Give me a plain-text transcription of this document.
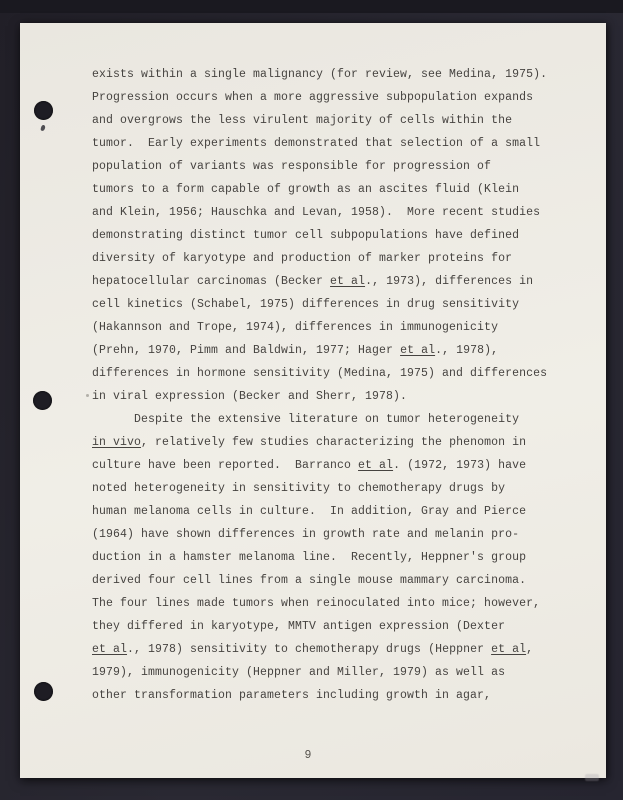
exists within a single malignancy (for review, see Medina, 1975).
Progression occurs when a more aggressive subpopulation expands
and overgrows the less virulent majority of cells within the
tumor.  Early experiments demonstrated that selection of a small
population of variants was responsible for progression of
tumors to a form capable of growth as an ascites fluid (Klein
and Klein, 1956; Hauschka and Levan, 1958).  More recent studies
demonstrating distinct tumor cell subpopulations have defined
diversity of karyotype and production of marker proteins for
hepatocellular carcinomas (Becker et al., 1973), differences in
cell kinetics (Schabel, 1975) differences in drug sensitivity
(Hakannson and Trope, 1974), differences in immunogenicity
(Prehn, 1970, Pimm and Baldwin, 1977; Hager et al., 1978),
differences in hormone sensitivity (Medina, 1975) and differences
in viral expression (Becker and Sherr, 1978).
Despite the extensive literature on tumor heterogeneity
in vivo, relatively few studies characterizing the phenomon in
culture have been reported.  Barranco et al. (1972, 1973) have
noted heterogeneity in sensitivity to chemotherapy drugs by
human melanoma cells in culture.  In addition, Gray and Pierce
(1964) have shown differences in growth rate and melanin pro-
duction in a hamster melanoma line.  Recently, Heppner's group
derived four cell lines from a single mouse mammary carcinoma.
The four lines made tumors when reinoculated into mice; however,
they differed in karyotype, MMTV antigen expression (Dexter
et al., 1978) sensitivity to chemotherapy drugs (Heppner et al,
1979), immunogenicity (Heppner and Miller, 1979) as well as
other transformation parameters including growth in agar,
9
